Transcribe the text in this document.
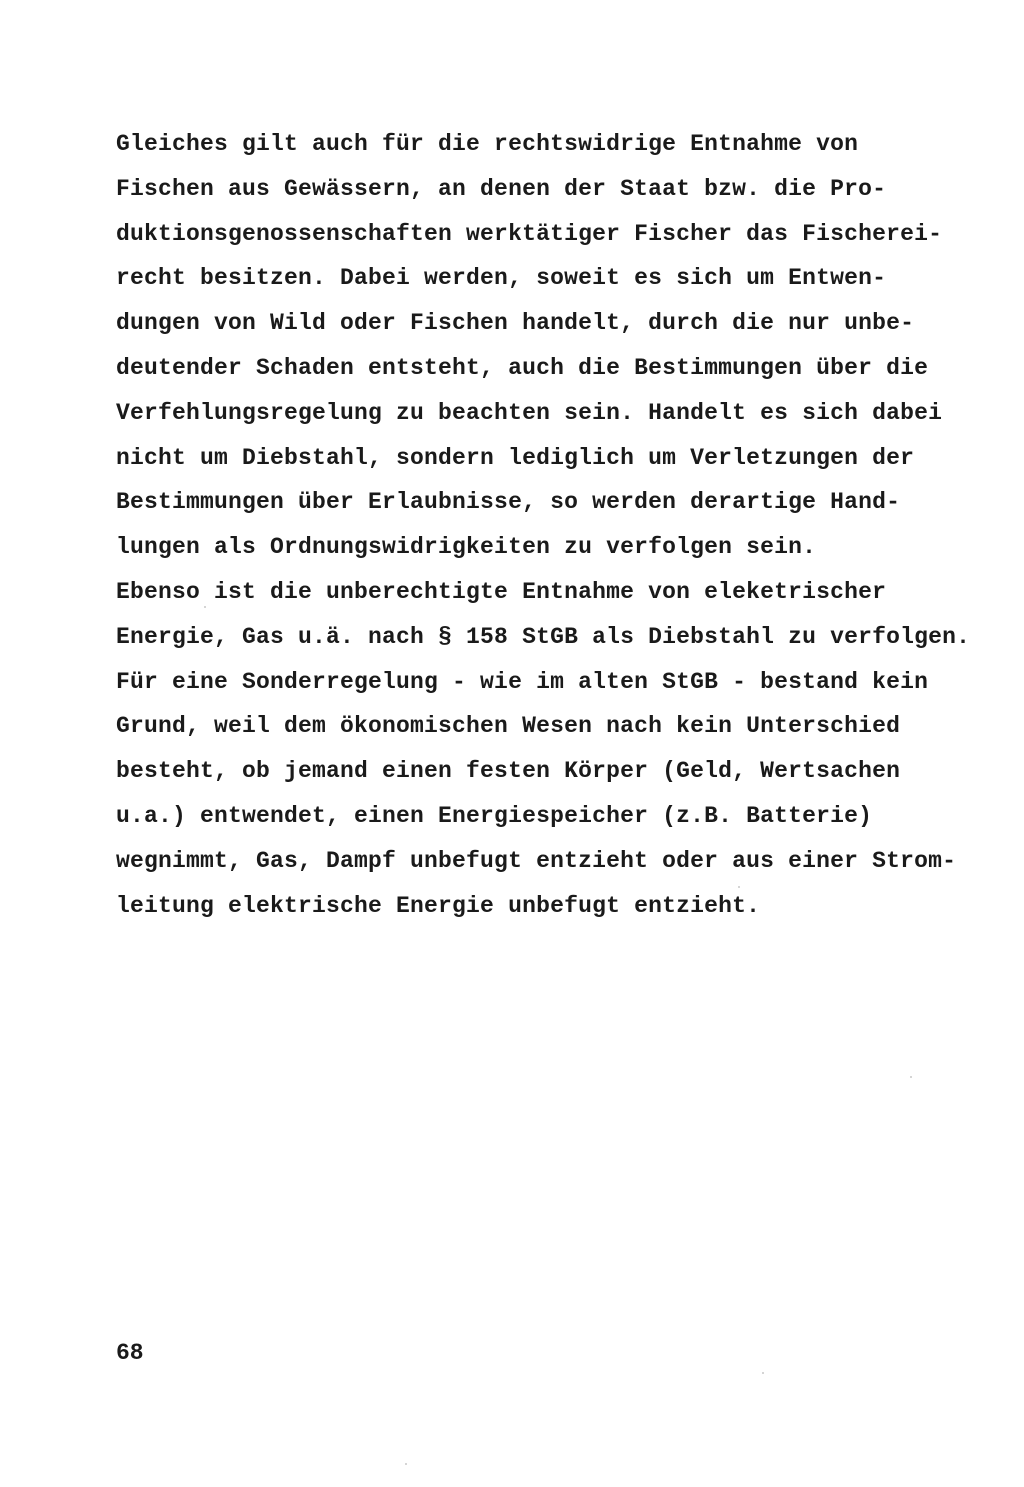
Gleiches gilt auch für die rechtswidrige Entnahme von
Fischen aus Gewässern, an denen der Staat bzw. die Pro-
duktionsgenossenschaften werktätiger Fischer das Fischerei-
recht besitzen. Dabei werden, soweit es sich um Entwen-
dungen von Wild oder Fischen handelt, durch die nur unbe-
deutender Schaden entsteht, auch die Bestimmungen über die
Verfehlungsregelung zu beachten sein. Handelt es sich dabei
nicht um Diebstahl, sondern lediglich um Verletzungen der
Bestimmungen über Erlaubnisse, so werden derartige Hand-
lungen als Ordnungswidrigkeiten zu verfolgen sein.
Ebenso ist die unberechtigte Entnahme von eleketrischer
Energie, Gas u.ä. nach § 158 StGB als Diebstahl zu verfolgen.
Für eine Sonderregelung - wie im alten StGB - bestand kein
Grund, weil dem ökonomischen Wesen nach kein Unterschied
besteht, ob jemand einen festen Körper (Geld, Wertsachen
u.a.) entwendet, einen Energiespeicher (z.B. Batterie)
wegnimmt, Gas, Dampf unbefugt entzieht oder aus einer Strom-
leitung elektrische Energie unbefugt entzieht.

68
